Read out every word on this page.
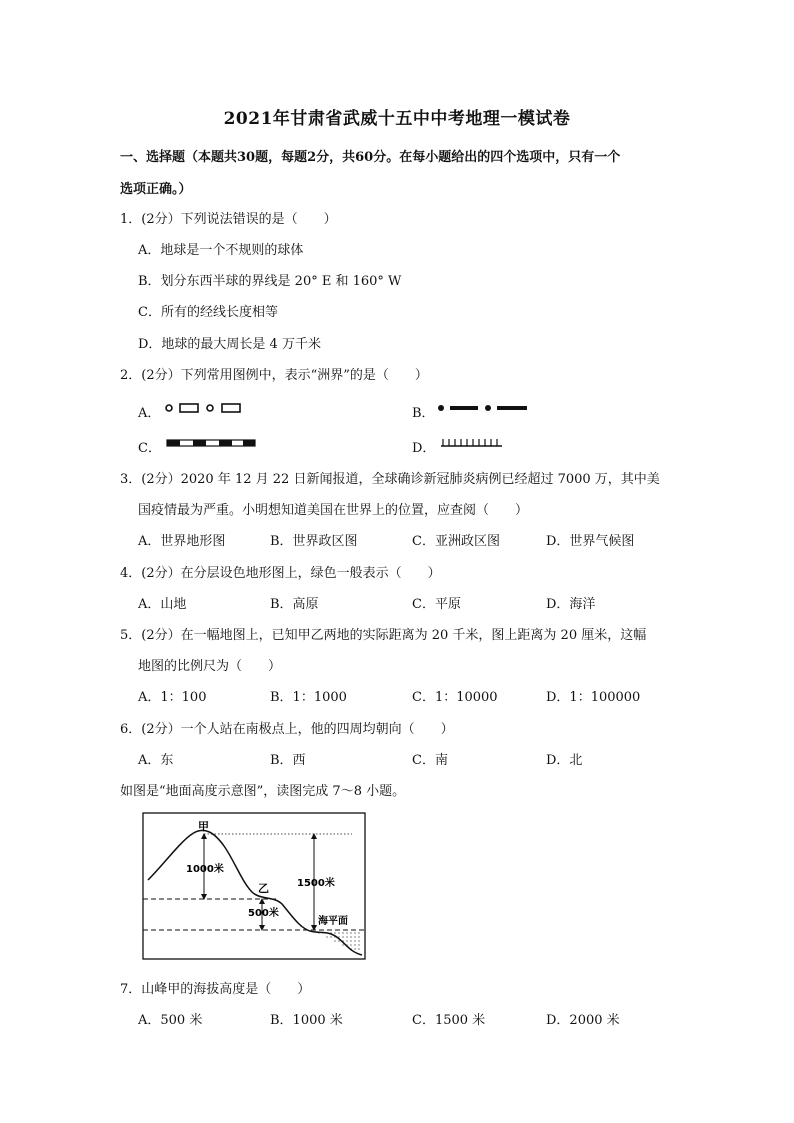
2021年甘肃省武威十五中中考地理一模试卷
一、选择题（本题共30题，每题2分，共60分。在每小题给出的四个选项中，只有一个
选项正确。）
1．(2分）下列说法错误的是（　　）
A．地球是一个不规则的球体
B．划分东西半球的界线是 20° E 和 160° W
C．所有的经线长度相等
D．地球的最大周长是 4 万千米
2．(2分）下列常用图例中，表示“洲界”的是（　　）
A．	B．
C．	D．
3．(2分）2020 年 12 月 22 日新闻报道，全球确诊新冠肺炎病例已经超过 7000 万，其中美
国疫情最为严重。小明想知道美国在世界上的位置，应查阅（　　）
A．世界地形图	B．世界政区图	C．亚洲政区图	D．世界气候图
4．(2分）在分层设色地形图上，绿色一般表示（　　）
A．山地	B．高原	C．平原	D．海洋
5．(2分）在一幅地图上，已知甲乙两地的实际距离为 20 千米，图上距离为 20 厘米，这幅
地图的比例尺为（　　）
A．1：100	B．1：1000	C．1：10000	D．1：100000
6．(2分）一个人站在南极点上，他的四周均朝向（　　）
A．东	B．西	C．南	D．北
如图是“地面高度示意图”，读图完成 7～8 小题。
甲
乙
1000米
500米
1500米
海平面
7．山峰甲的海拔高度是（　　）
A．500 米	B．1000 米	C．1500 米	D．2000 米
